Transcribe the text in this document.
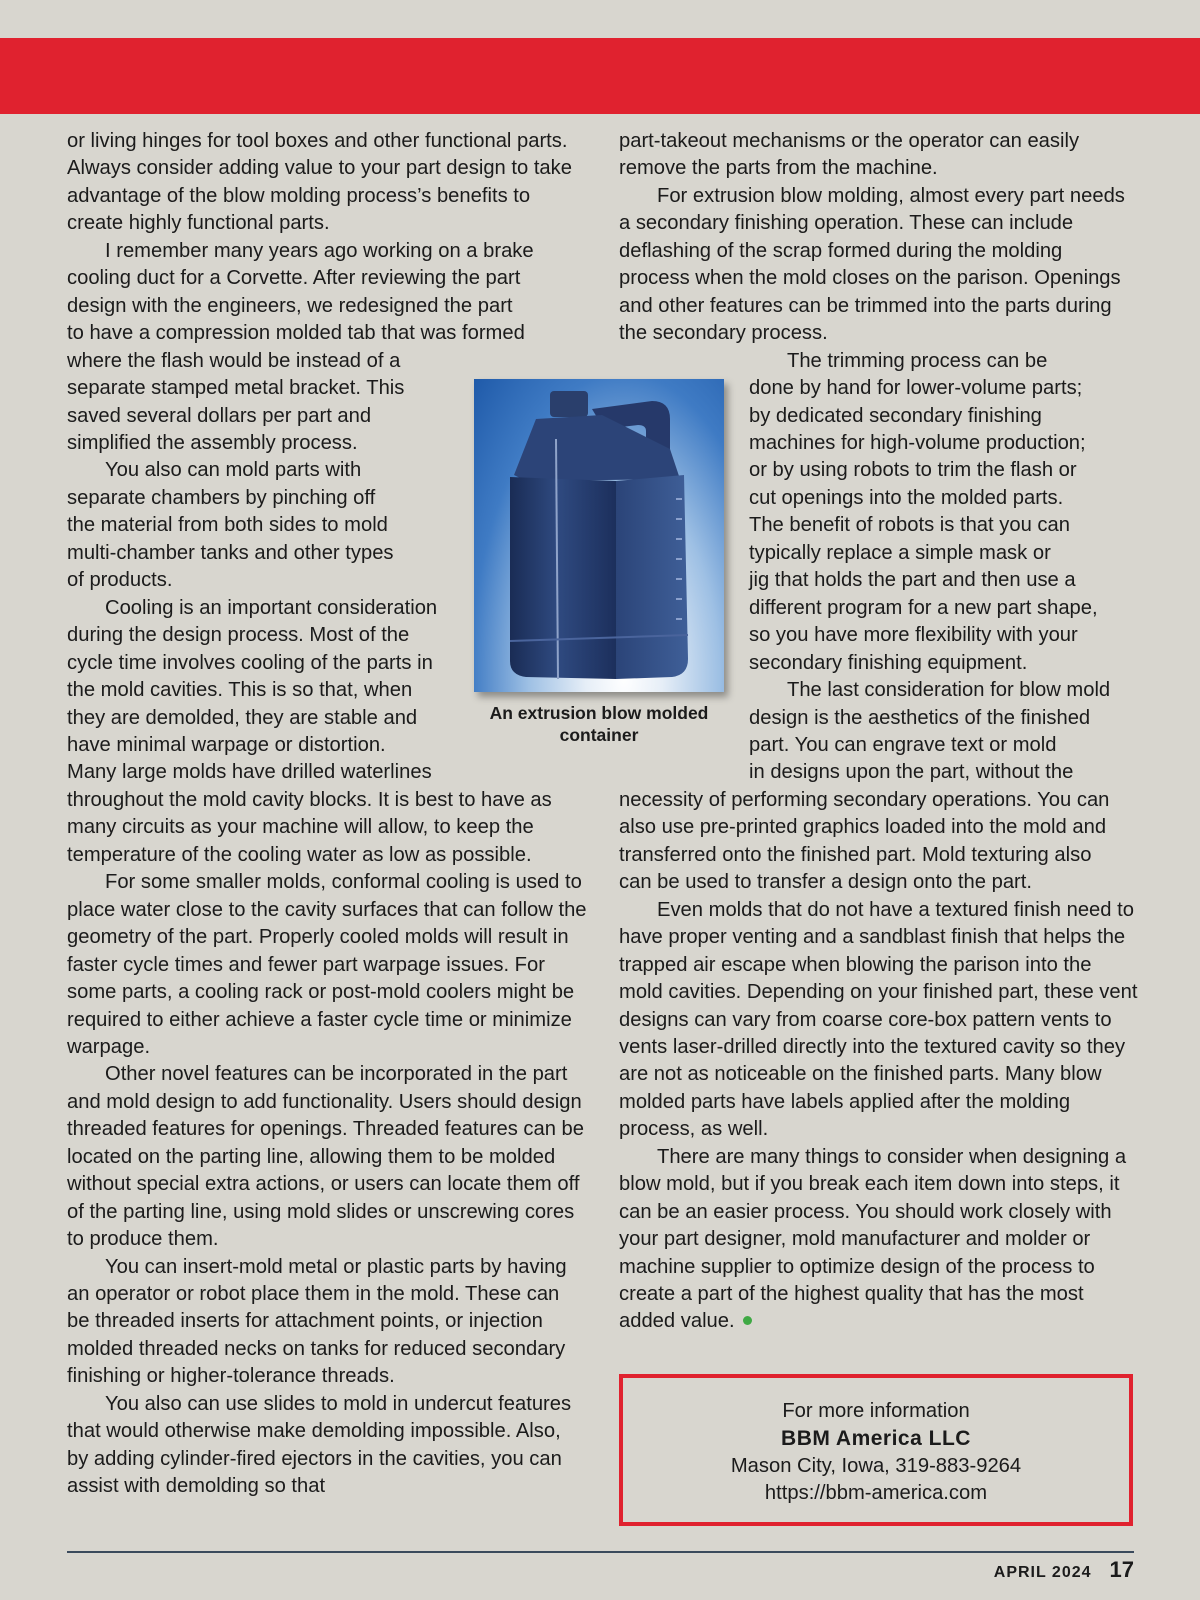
or living hinges for tool boxes and other functional parts. Always consider adding value to your part design to take advantage of the blow molding process’s benefits to create highly functional parts.

I remember many years ago working on a brake
cooling duct for a Corvette. After reviewing the part
design with the engineers, we redesigned the part
to have a compression molded tab that was formed
where the flash would be instead of a
separate stamped metal bracket. This
saved several dollars per part and
simplified the assembly process.

You also can mold parts with
separate chambers by pinching off
the material from both sides to mold
multi-chamber tanks and other types
of products.

Cooling is an important consideration
during the design process. Most of the
cycle time involves cooling of the parts in
the mold cavities. This is so that, when
they are demolded, they are stable and
have minimal warpage or distortion.
Many large molds have drilled waterlines
throughout the mold cavity blocks. It is best to have as
many circuits as your machine will allow, to keep the
temperature of the cooling water as low as possible.

For some smaller molds, conformal cooling is used to place water close to the cavity surfaces that can follow the geometry of the part. Properly cooled molds will result in faster cycle times and fewer part warpage issues. For some parts, a cooling rack or post-mold coolers might be required to either achieve a faster cycle time or minimize warpage.

Other novel features can be incorporated in the part and mold design to add functionality. Users should design threaded features for openings. Threaded features can be located on the parting line, allowing them to be molded without special extra actions, or users can locate them off of the parting line, using mold slides or unscrewing cores to produce them.

You can insert-mold metal or plastic parts by having an operator or robot place them in the mold. These can be threaded inserts for attachment points, or injection molded threaded necks on tanks for reduced secondary finishing or higher-tolerance threads.

You also can use slides to mold in undercut features that would otherwise make demolding impossible. Also, by adding cylinder-fired ejectors in the cavities, you can assist with demolding so that

part-takeout mechanisms or the operator can easily remove the parts from the machine.

For extrusion blow molding, almost every part needs a secondary finishing operation. These can include deflashing of the scrap formed during the molding process when the mold closes on the parison. Openings and other features can be trimmed into the parts during the secondary process.

The trimming process can be
done by hand for lower-volume parts;
by dedicated secondary finishing
machines for high-volume production;
or by using robots to trim the flash or
cut openings into the molded parts.
The benefit of robots is that you can
typically replace a simple mask or
jig that holds the part and then use a
different program for a new part shape,
so you have more flexibility with your
secondary finishing equipment.

The last consideration for blow mold
design is the aesthetics of the finished
part. You can engrave text or mold
in designs upon the part, without the
necessity of performing secondary operations. You can
also use pre-printed graphics loaded into the mold and
transferred onto the finished part. Mold texturing also
can be used to transfer a design onto the part.

Even molds that do not have a textured finish need to have proper venting and a sandblast finish that helps the trapped air escape when blowing the parison into the mold cavities. Depending on your finished part, these vent designs can vary from coarse core-box pattern vents to vents laser-drilled directly into the textured cavity so they are not as noticeable on the finished parts. Many blow molded parts have labels applied after the molding process, as well.

There are many things to consider when designing a blow mold, but if you break each item down into steps, it can be an easier process. You should work closely with your part designer, mold manufacturer and molder or machine supplier to optimize design of the process to create a part of the highest quality that has the most added value.

An extrusion blow molded container
For more information
BBM America LLC
Mason City, Iowa, 319-883-9264
https://bbm-america.com
APRIL 2024 17
